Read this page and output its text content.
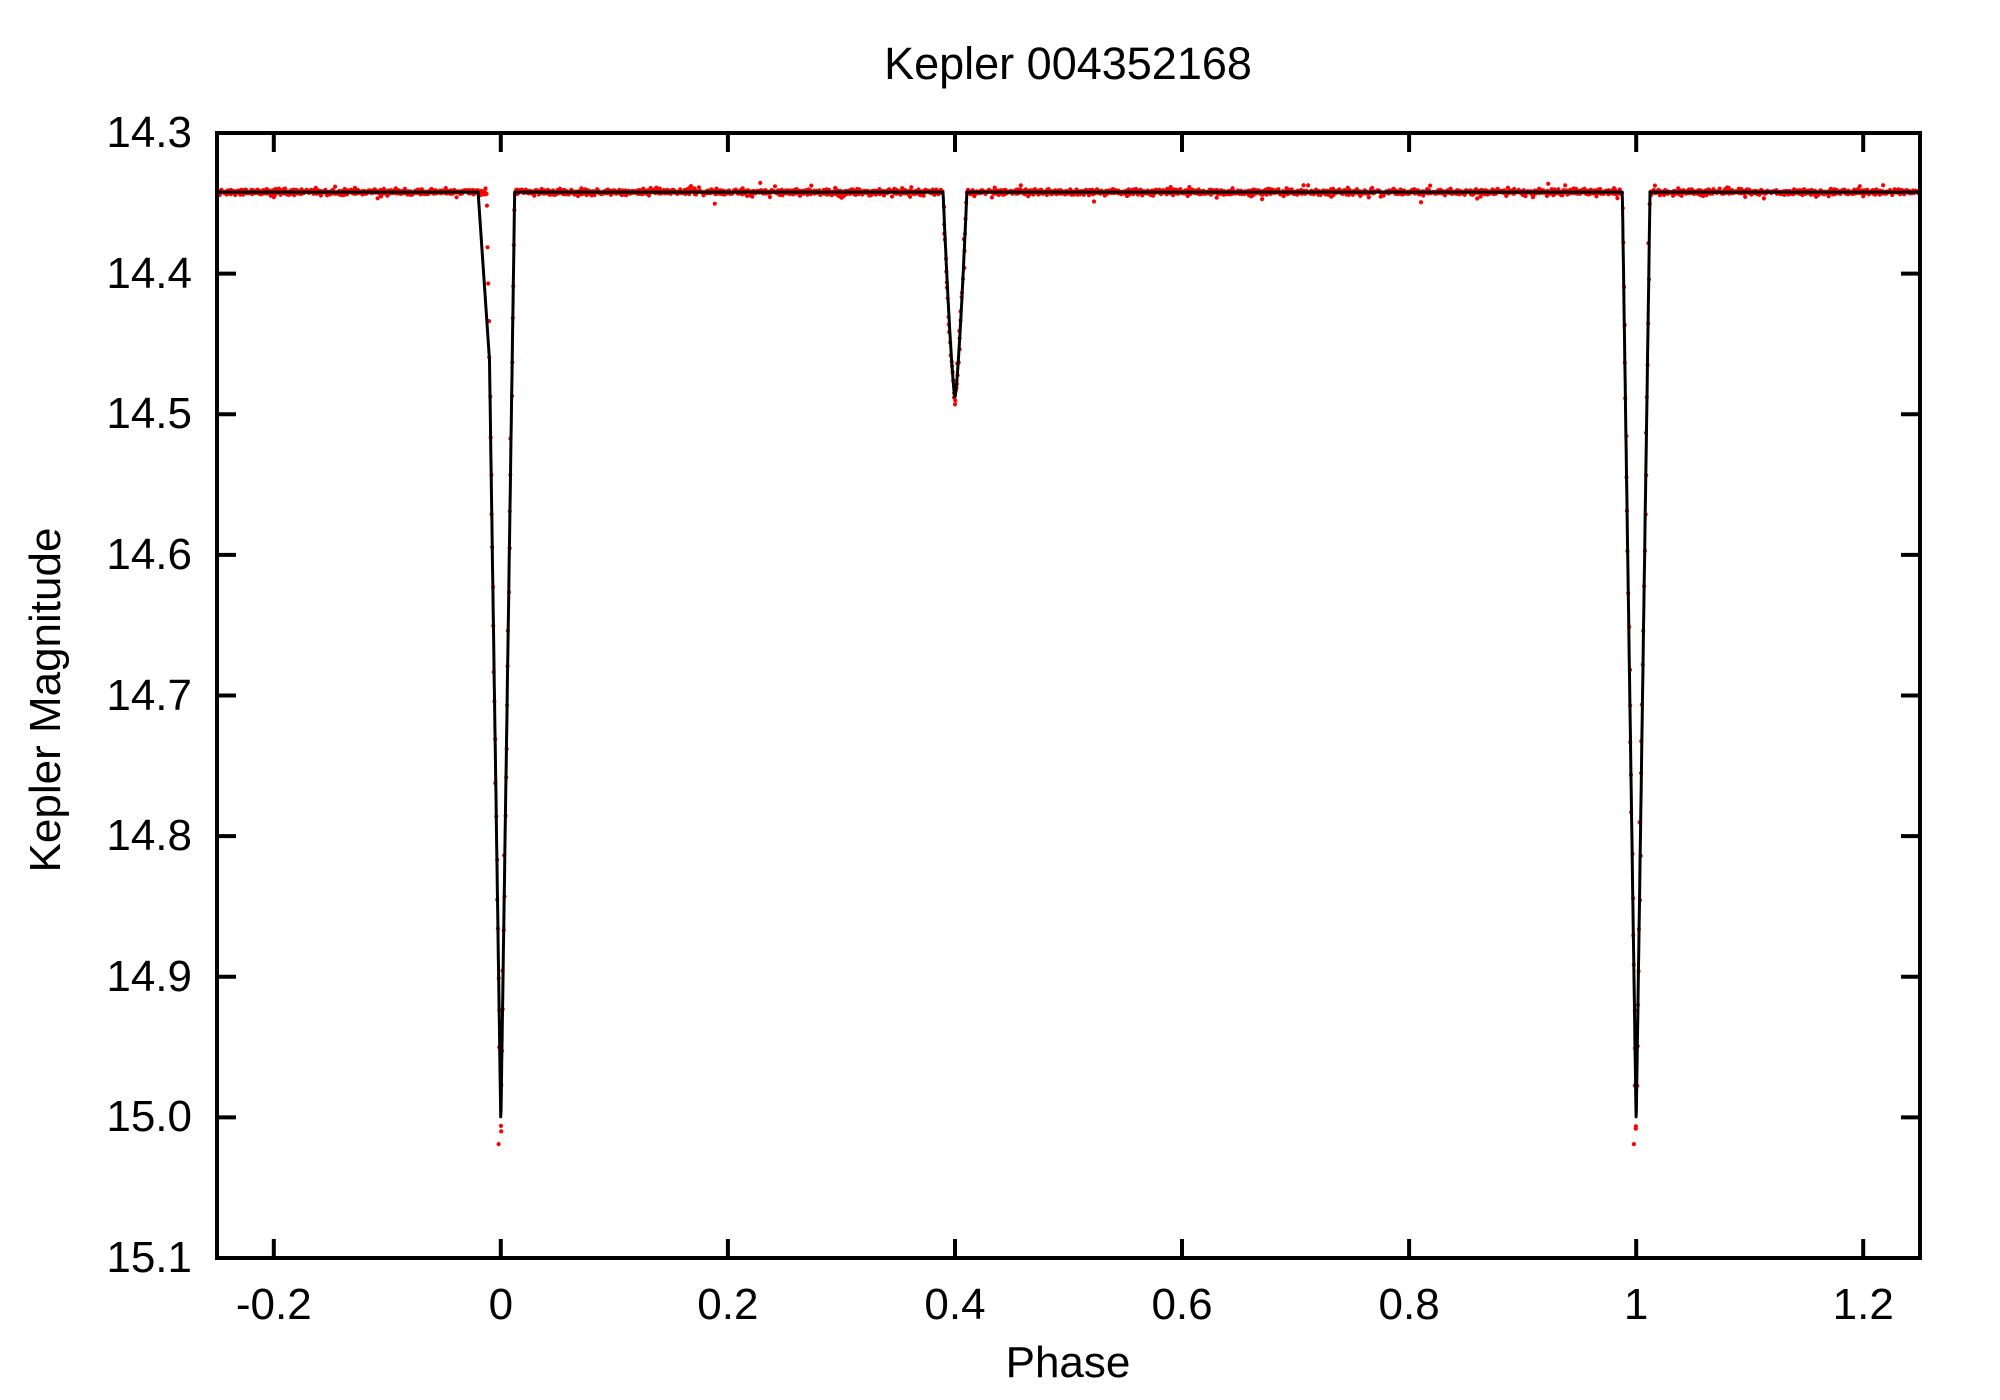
Kepler 004352168
Phase
Kepler Magnitude
-0.2	0	0.2	0.4	0.6	0.8	1	1.2
14.3
14.4
14.5
14.6
14.7
14.8
14.9
15.0
15.1
